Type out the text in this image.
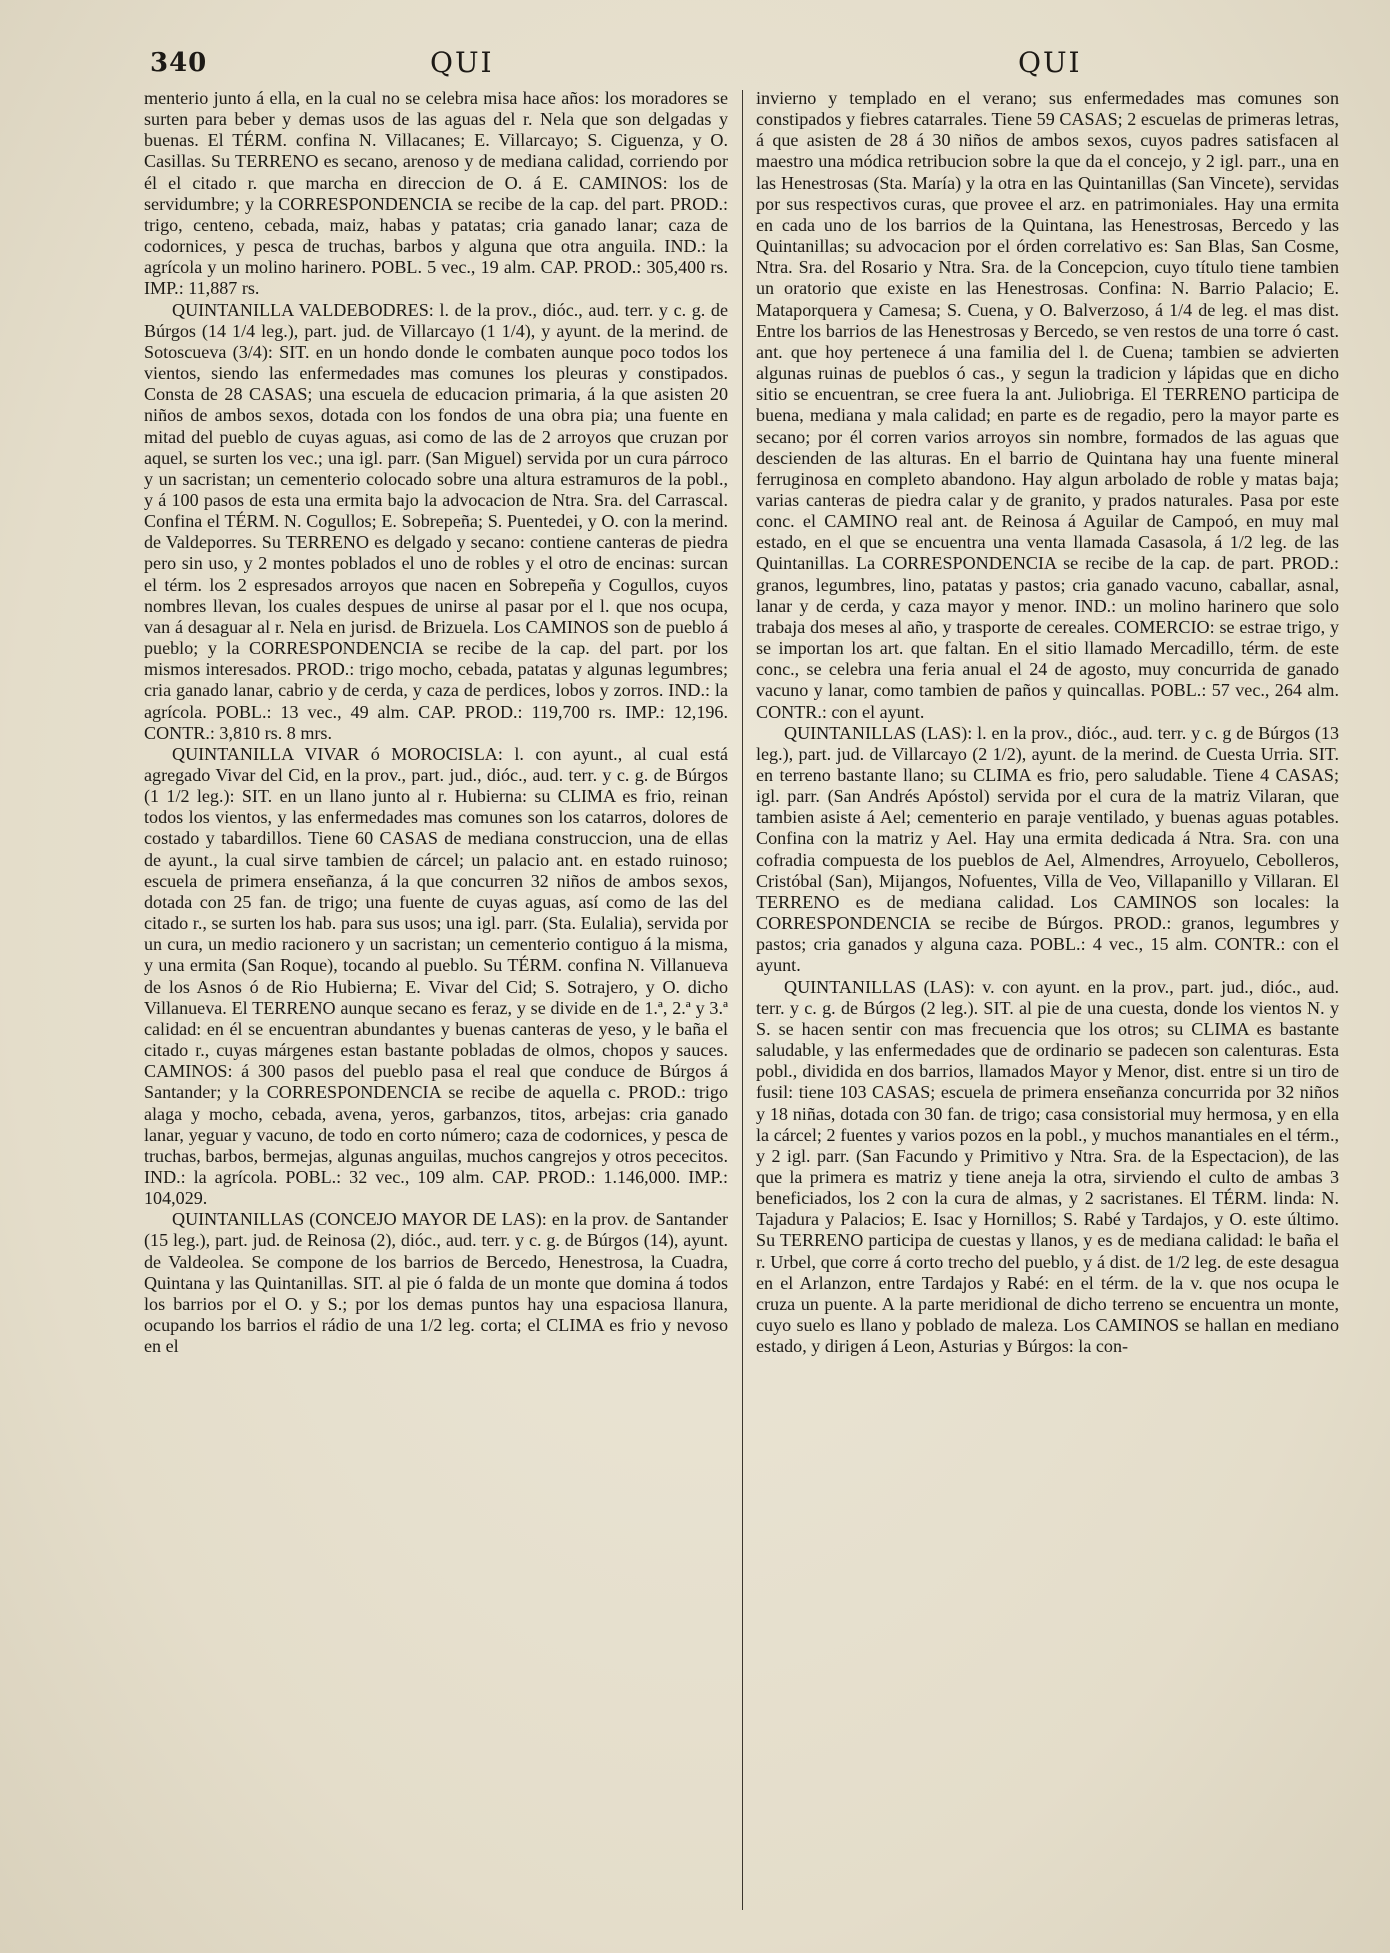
340	QUI	QUI

menterio junto á ella, en la cual no se celebra misa hace años: los moradores se surten para beber y demas usos de las aguas del r. Nela que son delgadas y buenas. El TÉRM. confina N. Villacanes; E. Villarcayo; S. Ciguenza, y O. Casillas. Su TERRENO es secano, arenoso y de mediana calidad, corriendo por él el citado r. que marcha en direccion de O. á E. CAMINOS: los de servidumbre; y la CORRESPONDENCIA se recibe de la cap. del part. PROD.: trigo, centeno, cebada, maiz, habas y patatas; cria ganado lanar; caza de codornices, y pesca de truchas, barbos y alguna que otra anguila. IND.: la agrícola y un molino harinero. POBL. 5 vec., 19 alm. CAP. PROD.: 305,400 rs. IMP.: 11,887 rs.

QUINTANILLA VALDEBODRES: l. de la prov., dióc., aud. terr. y c. g. de Búrgos (14 1/4 leg.), part. jud. de Villarcayo (1 1/4), y ayunt. de la merind. de Sotoscueva (3/4): SIT. en un hondo donde le combaten aunque poco todos los vientos, siendo las enfermedades mas comunes los pleuras y constipados. Consta de 28 CASAS; una escuela de educacion primaria, á la que asisten 20 niños de ambos sexos, dotada con los fondos de una obra pia; una fuente en mitad del pueblo de cuyas aguas, asi como de las de 2 arroyos que cruzan por aquel, se surten los vec.; una igl. parr. (San Miguel) servida por un cura párroco y un sacristan; un cementerio colocado sobre una altura estramuros de la pobl., y á 100 pasos de esta una ermita bajo la advocacion de Ntra. Sra. del Carrascal. Confina el TÉRM. N. Cogullos; E. Sobrepeña; S. Puentedei, y O. con la merind. de Valdeporres. Su TERRENO es delgado y secano: contiene canteras de piedra pero sin uso, y 2 montes poblados el uno de robles y el otro de encinas: surcan el térm. los 2 espresados arroyos que nacen en Sobrepeña y Cogullos, cuyos nombres llevan, los cuales despues de unirse al pasar por el l. que nos ocupa, van á desaguar al r. Nela en jurisd. de Brizuela. Los CAMINOS son de pueblo á pueblo; y la CORRESPONDENCIA se recibe de la cap. del part. por los mismos interesados. PROD.: trigo mocho, cebada, patatas y algunas legumbres; cria ganado lanar, cabrio y de cerda, y caza de perdices, lobos y zorros. IND.: la agrícola. POBL.: 13 vec., 49 alm. CAP. PROD.: 119,700 rs. IMP.: 12,196. CONTR.: 3,810 rs. 8 mrs.

QUINTANILLA VIVAR ó MOROCISLA: l. con ayunt., al cual está agregado Vivar del Cid, en la prov., part. jud., dióc., aud. terr. y c. g. de Búrgos (1 1/2 leg.): SIT. en un llano junto al r. Hubierna: su CLIMA es frio, reinan todos los vientos, y las enfermedades mas comunes son los catarros, dolores de costado y tabardillos. Tiene 60 CASAS de mediana construccion, una de ellas de ayunt., la cual sirve tambien de cárcel; un palacio ant. en estado ruinoso; escuela de primera enseñanza, á la que concurren 32 niños de ambos sexos, dotada con 25 fan. de trigo; una fuente de cuyas aguas, así como de las del citado r., se surten los hab. para sus usos; una igl. parr. (Sta. Eulalia), servida por un cura, un medio racionero y un sacristan; un cementerio contiguo á la misma, y una ermita (San Roque), tocando al pueblo. Su TÉRM. confina N. Villanueva de los Asnos ó de Rio Hubierna; E. Vivar del Cid; S. Sotrajero, y O. dicho Villanueva. El TERRENO aunque secano es feraz, y se divide en de 1.ª, 2.ª y 3.ª calidad: en él se encuentran abundantes y buenas canteras de yeso, y le baña el citado r., cuyas márgenes estan bastante pobladas de olmos, chopos y sauces. CAMINOS: á 300 pasos del pueblo pasa el real que conduce de Búrgos á Santander; y la CORRESPONDENCIA se recibe de aquella c. PROD.: trigo alaga y mocho, cebada, avena, yeros, garbanzos, titos, arbejas: cria ganado lanar, yeguar y vacuno, de todo en corto número; caza de codornices, y pesca de truchas, barbos, bermejas, algunas anguilas, muchos cangrejos y otros pececitos. IND.: la agrícola. POBL.: 32 vec., 109 alm. CAP. PROD.: 1.146,000. IMP.: 104,029.

QUINTANILLAS (CONCEJO MAYOR DE LAS): en la prov. de Santander (15 leg.), part. jud. de Reinosa (2), dióc., aud. terr. y c. g. de Búrgos (14), ayunt. de Valdeolea. Se compone de los barrios de Bercedo, Henestrosa, la Cuadra, Quintana y las Quintanillas. SIT. al pie ó falda de un monte que domina á todos los barrios por el O. y S.; por los demas puntos hay una espaciosa llanura, ocupando los barrios el rádio de una 1/2 leg. corta; el CLIMA es frio y nevoso en el

invierno y templado en el verano; sus enfermedades mas comunes son constipados y fiebres catarrales. Tiene 59 CASAS; 2 escuelas de primeras letras, á que asisten de 28 á 30 niños de ambos sexos, cuyos padres satisfacen al maestro una módica retribucion sobre la que da el concejo, y 2 igl. parr., una en las Henestrosas (Sta. María) y la otra en las Quintanillas (San Vincete), servidas por sus respectivos curas, que provee el arz. en patrimoniales. Hay una ermita en cada uno de los barrios de la Quintana, las Henestrosas, Bercedo y las Quintanillas; su advocacion por el órden correlativo es: San Blas, San Cosme, Ntra. Sra. del Rosario y Ntra. Sra. de la Concepcion, cuyo título tiene tambien un oratorio que existe en las Henestrosas. Confina: N. Barrio Palacio; E. Mataporquera y Camesa; S. Cuena, y O. Balverzoso, á 1/4 de leg. el mas dist. Entre los barrios de las Henestrosas y Bercedo, se ven restos de una torre ó cast. ant. que hoy pertenece á una familia del l. de Cuena; tambien se advierten algunas ruinas de pueblos ó cas., y segun la tradicion y lápidas que en dicho sitio se encuentran, se cree fuera la ant. Juliobriga. El TERRENO participa de buena, mediana y mala calidad; en parte es de regadio, pero la mayor parte es secano; por él corren varios arroyos sin nombre, formados de las aguas que descienden de las alturas. En el barrio de Quintana hay una fuente mineral ferruginosa en completo abandono. Hay algun arbolado de roble y matas baja; varias canteras de piedra calar y de granito, y prados naturales. Pasa por este conc. el CAMINO real ant. de Reinosa á Aguilar de Campoó, en muy mal estado, en el que se encuentra una venta llamada Casasola, á 1/2 leg. de las Quintanillas. La CORRESPONDENCIA se recibe de la cap. de part. PROD.: granos, legumbres, lino, patatas y pastos; cria ganado vacuno, caballar, asnal, lanar y de cerda, y caza mayor y menor. IND.: un molino harinero que solo trabaja dos meses al año, y trasporte de cereales. COMERCIO: se estrae trigo, y se importan los art. que faltan. En el sitio llamado Mercadillo, térm. de este conc., se celebra una feria anual el 24 de agosto, muy concurrida de ganado vacuno y lanar, como tambien de paños y quincallas. POBL.: 57 vec., 264 alm. CONTR.: con el ayunt.

QUINTANILLAS (LAS): l. en la prov., dióc., aud. terr. y c. g de Búrgos (13 leg.), part. jud. de Villarcayo (2 1/2), ayunt. de la merind. de Cuesta Urria. SIT. en terreno bastante llano; su CLIMA es frio, pero saludable. Tiene 4 CASAS; igl. parr. (San Andrés Apóstol) servida por el cura de la matriz Vilaran, que tambien asiste á Ael; cementerio en paraje ventilado, y buenas aguas potables. Confina con la matriz y Ael. Hay una ermita dedicada á Ntra. Sra. con una cofradia compuesta de los pueblos de Ael, Almendres, Arroyuelo, Cebolleros, Cristóbal (San), Mijangos, Nofuentes, Villa de Veo, Villapanillo y Villaran. El TERRENO es de mediana calidad. Los CAMINOS son locales: la CORRESPONDENCIA se recibe de Búrgos. PROD.: granos, legumbres y pastos; cria ganados y alguna caza. POBL.: 4 vec., 15 alm. CONTR.: con el ayunt.

QUINTANILLAS (LAS): v. con ayunt. en la prov., part. jud., dióc., aud. terr. y c. g. de Búrgos (2 leg.). SIT. al pie de una cuesta, donde los vientos N. y S. se hacen sentir con mas frecuencia que los otros; su CLIMA es bastante saludable, y las enfermedades que de ordinario se padecen son calenturas. Esta pobl., dividida en dos barrios, llamados Mayor y Menor, dist. entre si un tiro de fusil: tiene 103 CASAS; escuela de primera enseñanza concurrida por 32 niños y 18 niñas, dotada con 30 fan. de trigo; casa consistorial muy hermosa, y en ella la cárcel; 2 fuentes y varios pozos en la pobl., y muchos manantiales en el térm., y 2 igl. parr. (San Facundo y Primitivo y Ntra. Sra. de la Espectacion), de las que la primera es matriz y tiene aneja la otra, sirviendo el culto de ambas 3 beneficiados, los 2 con la cura de almas, y 2 sacristanes. El TÉRM. linda: N. Tajadura y Palacios; E. Isac y Hornillos; S. Rabé y Tardajos, y O. este último. Su TERRENO participa de cuestas y llanos, y es de mediana calidad: le baña el r. Urbel, que corre á corto trecho del pueblo, y á dist. de 1/2 leg. de este desagua en el Arlanzon, entre Tardajos y Rabé: en el térm. de la v. que nos ocupa le cruza un puente. A la parte meridional de dicho terreno se encuentra un monte, cuyo suelo es llano y poblado de maleza. Los CAMINOS se hallan en mediano estado, y dirigen á Leon, Asturias y Búrgos: la con-
